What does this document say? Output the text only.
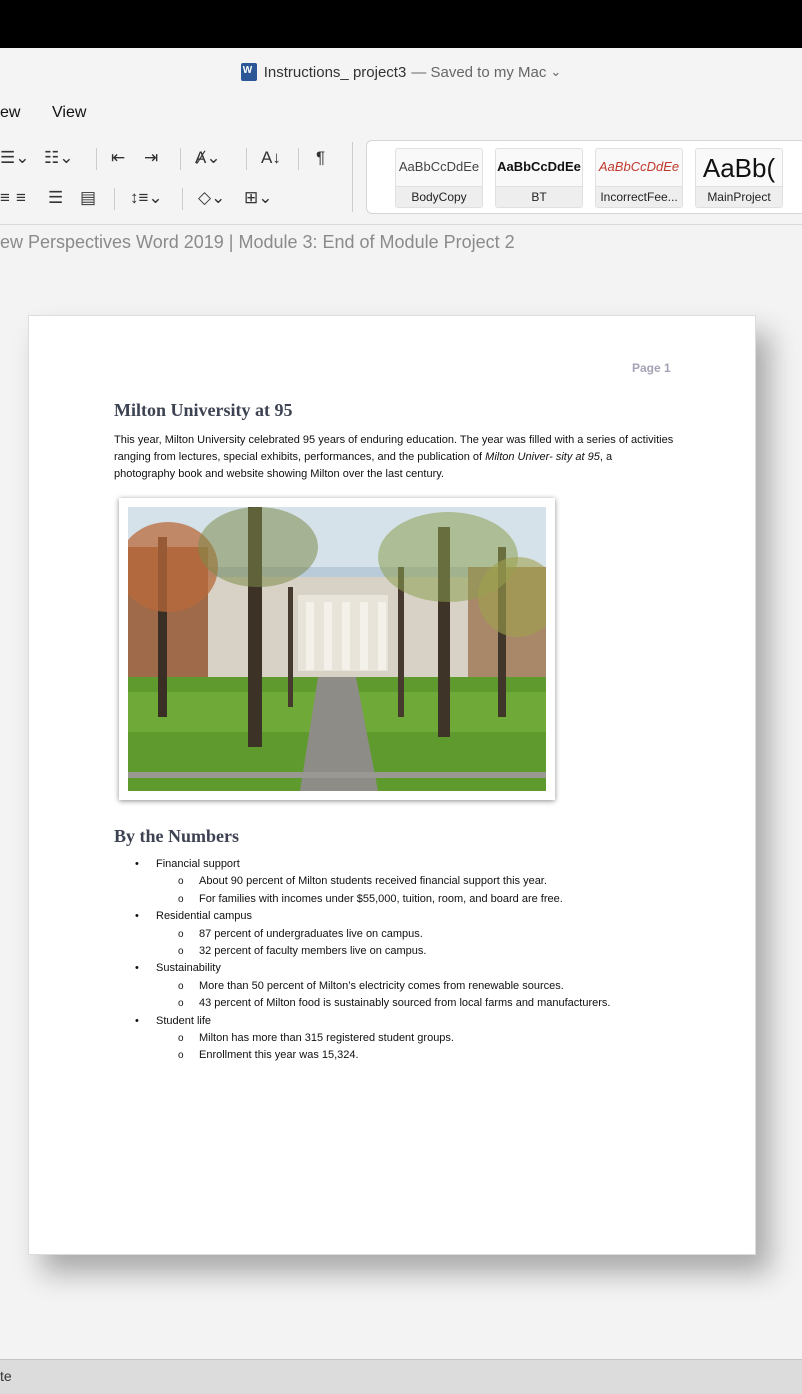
W
Instructions_ project3 — Saved to my Mac ⌄
ew View
☰⌄ ☷⌄ ⇤ ⇥ Ⱥ⌄ A↓ ¶
≡ ≡ ☰ ▤ ↕≡⌄ ◇⌄ ⊞⌄
AaBbCcDdEe
BodyCopy
AaBbCcDdEe
BT
AaBbCcDdEe
IncorrectFee...
AaBb(
MainProject
ew Perspectives Word 2019 | Module 3: End of Module Project 2
Page 1
Milton University at 95
This year, Milton University celebrated 95 years of enduring education. The year was filled with a series of activities ranging from lectures, special exhibits, performances, and the publication of Milton Univer- sity at 95, a photography book and website showing Milton over the last century.
By the Numbers
• Financial support
o About 90 percent of Milton students received financial support this year.
o For families with incomes under $55,000, tuition, room, and board are free.
• Residential campus
o 87 percent of undergraduates live on campus.
o 32 percent of faculty members live on campus.
• Sustainability
o More than 50 percent of Milton’s electricity comes from renewable sources.
o 43 percent of Milton food is sustainably sourced from local farms and manufacturers.
• Student life
o Milton has more than 315 registered student groups.
o Enrollment this year was 15,324.
te
